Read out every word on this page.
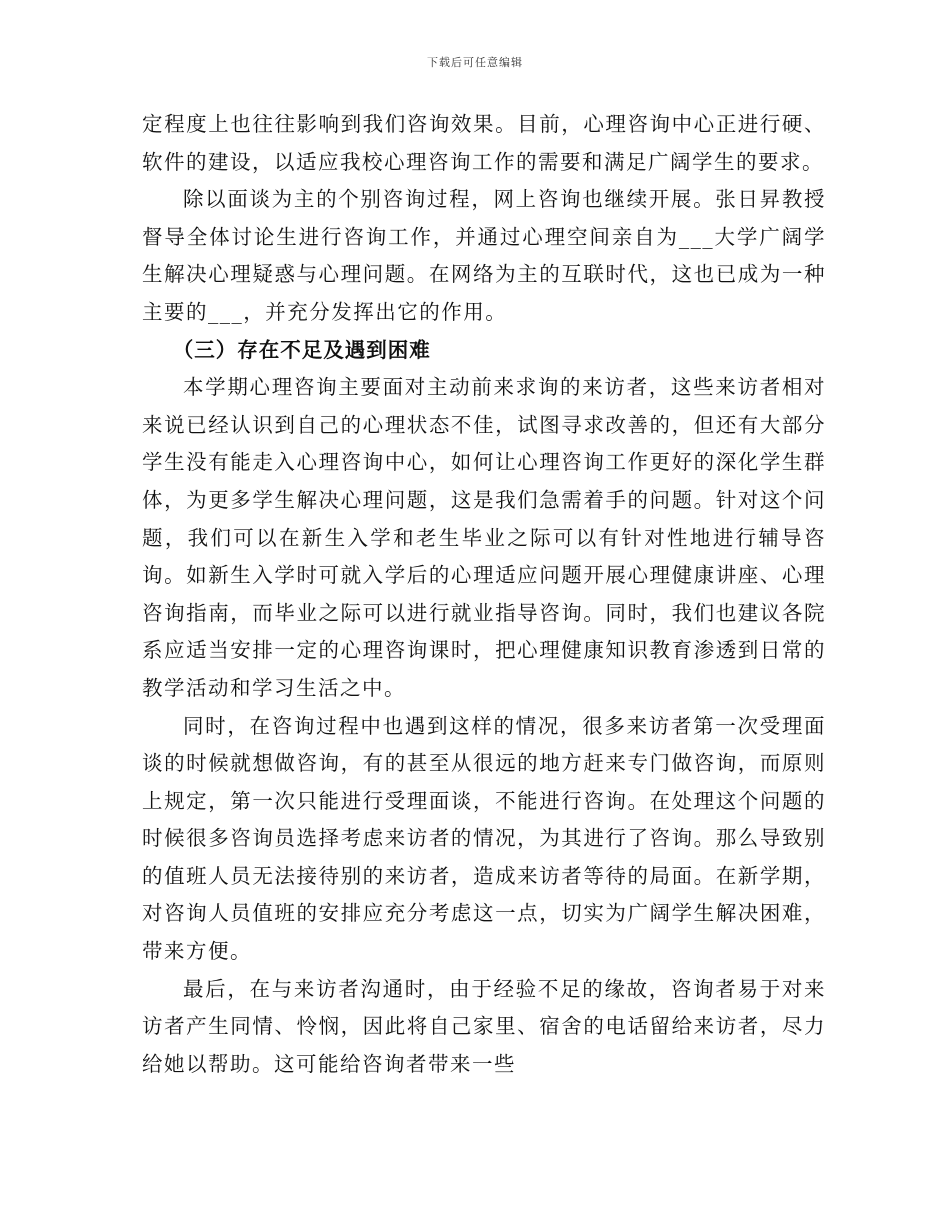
下载后可任意编辑

定程度上也往往影响到我们咨询效果。目前，心理咨询中心正进行硬、软件的建设，以适应我校心理咨询工作的需要和满足广阔学生的要求。

除以面谈为主的个别咨询过程，网上咨询也继续开展。张日昇教授督导全体讨论生进行咨询工作，并通过心理空间亲自为___大学广阔学生解决心理疑惑与心理问题。在网络为主的互联时代，这也已成为一种主要的___，并充分发挥出它的作用。

（三）存在不足及遇到困难

本学期心理咨询主要面对主动前来求询的来访者，这些来访者相对来说已经认识到自己的心理状态不佳，试图寻求改善的，但还有大部分学生没有能走入心理咨询中心，如何让心理咨询工作更好的深化学生群体，为更多学生解决心理问题，这是我们急需着手的问题。针对这个问题，我们可以在新生入学和老生毕业之际可以有针对性地进行辅导咨询。如新生入学时可就入学后的心理适应问题开展心理健康讲座、心理咨询指南，而毕业之际可以进行就业指导咨询。同时，我们也建议各院系应适当安排一定的心理咨询课时，把心理健康知识教育渗透到日常的教学活动和学习生活之中。

同时，在咨询过程中也遇到这样的情况，很多来访者第一次受理面谈的时候就想做咨询，有的甚至从很远的地方赶来专门做咨询，而原则上规定，第一次只能进行受理面谈，不能进行咨询。在处理这个问题的时候很多咨询员选择考虑来访者的情况，为其进行了咨询。那么导致别的值班人员无法接待别的来访者，造成来访者等待的局面。在新学期，对咨询人员值班的安排应充分考虑这一点，切实为广阔学生解决困难，带来方便。

最后，在与来访者沟通时，由于经验不足的缘故，咨询者易于对来访者产生同情、怜悯，因此将自己家里、宿舍的电话留给来访者，尽力给她以帮助。这可能给咨询者带来一些
